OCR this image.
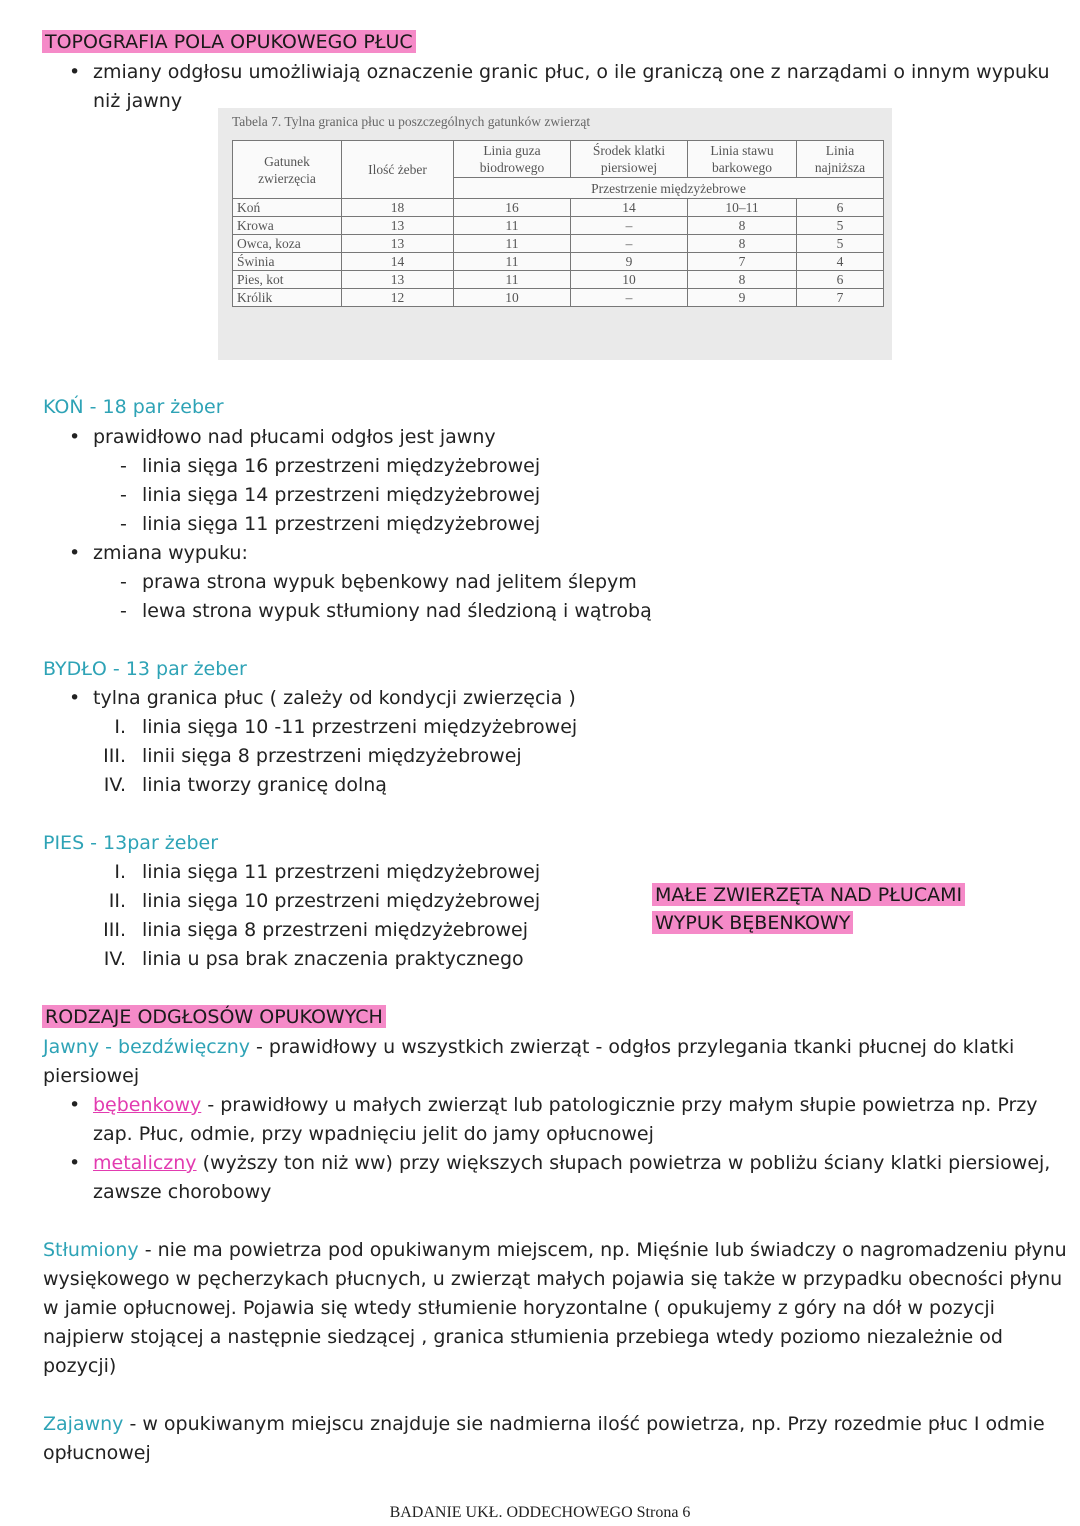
TOPOGRAFIA POLA OPUKOWEGO PŁUC
• zmiany odgłosu umożliwiają oznaczenie granic płuc, o ile graniczą one z narządami o innym wypuku
niż jawny
Tabela 7. Tylna granica płuc u poszczególnych gatunków zwierząt
Gatunek zwierzęcia	Ilość żeber	Linia guza biodrowego	Środek klatki piersiowej	Linia stawu barkowego	Linia najniższa
		Przestrzenie międzyżebrowe			
Koń	18	16	14	10–11	6
Krowa	13	11	–	8	5
Owca, koza	13	11	–	8	5
Świnia	14	11	9	7	4
Pies, kot	13	11	10	8	6
Królik	12	10	–	9	7
KOŃ - 18 par żeber
• prawidłowo nad płucami odgłos jest jawny
- linia sięga 16 przestrzeni międzyżebrowej
- linia sięga 14 przestrzeni międzyżebrowej
- linia sięga 11 przestrzeni międzyżebrowej
• zmiana wypuku:
- prawa strona wypuk bębenkowy nad jelitem ślepym
- lewa strona wypuk stłumiony nad śledzioną i wątrobą
BYDŁO - 13 par żeber
• tylna granica płuc ( zależy od kondycji zwierzęcia )
I. linia sięga 10 -11 przestrzeni międzyżebrowej
III. linii sięga 8 przestrzeni międzyżebrowej
IV. linia tworzy granicę dolną
PIES - 13par żeber
I. linia sięga 11 przestrzeni międzyżebrowej
II. linia sięga 10 przestrzeni międzyżebrowej
III. linia sięga 8 przestrzeni międzyżebrowej
IV. linia u psa brak znaczenia praktycznego
MAŁE ZWIERZĘTA NAD PŁUCAMI
WYPUK BĘBENKOWY
RODZAJE ODGŁOSÓW OPUKOWYCH
Jawny - bezdźwięczny - prawidłowy u wszystkich zwierząt - odgłos przylegania tkanki płucnej do klatki
piersiowej
• bębenkowy - prawidłowy u małych zwierząt lub patologicznie przy małym słupie powietrza np. Przy
zap. Płuc, odmie, przy wpadnięciu jelit do jamy opłucnowej
• metaliczny (wyższy ton niż ww) przy większych słupach powietrza w pobliżu ściany klatki piersiowej,
zawsze chorobowy
Stłumiony - nie ma powietrza pod opukiwanym miejscem, np. Mięśnie lub świadczy o nagromadzeniu płynu
wysiękowego w pęcherzykach płucnych, u zwierząt małych pojawia się także w przypadku obecności płynu
w jamie opłucnowej. Pojawia się wtedy stłumienie horyzontalne ( opukujemy z góry na dół w pozycji
najpierw stojącej a następnie siedzącej , granica stłumienia przebiega wtedy poziomo niezależnie od
pozycji)
Zajawny - w opukiwanym miejscu znajduje sie nadmierna ilość powietrza, np. Przy rozedmie płuc I odmie
opłucnowej
BADANIE UKŁ. ODDECHOWEGO Strona 6
